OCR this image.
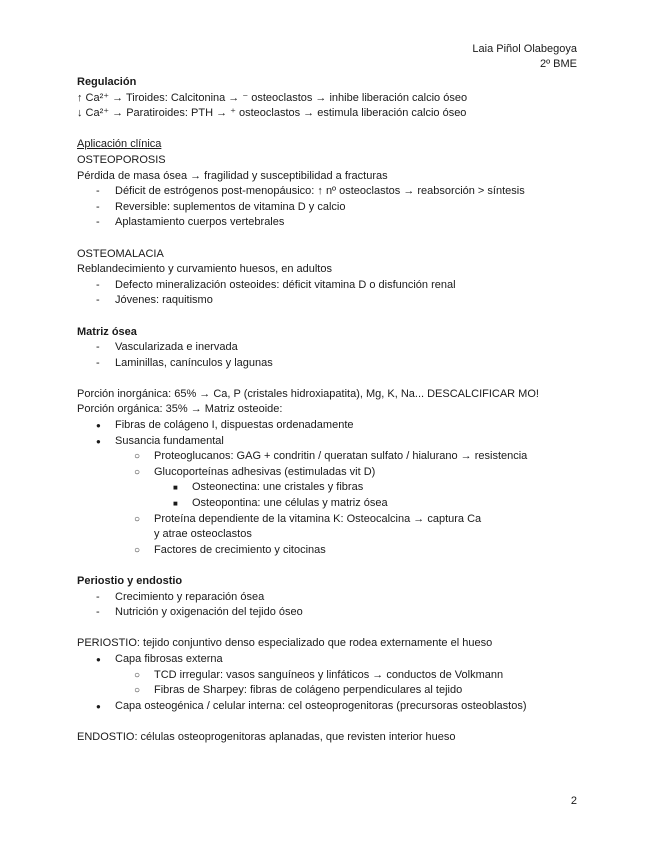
Laia Piñol Olabegoya
2º BME
Regulación
↑ Ca²⁺ → Tiroides: Calcitonina → ⁻ osteoclastos → inhibe liberación calcio óseo
↓ Ca²⁺ → Paratiroides: PTH → ⁺ osteoclastos → estimula liberación calcio óseo
Aplicación clínica
OSTEOPOROSIS
Pérdida de masa ósea → fragilidad y susceptibilidad a fracturas
- Déficit de estrógenos post-menopáusico: ↑ nº osteoclastos → reabsorción > síntesis
- Reversible: suplementos de vitamina D y calcio
- Aplastamiento cuerpos vertebrales
OSTEOMALACIA
Reblandecimiento y curvamiento huesos, en adultos
- Defecto mineralización osteoides: déficit vitamina D o disfunción renal
- Jóvenes: raquitismo
Matriz ósea
- Vascularizada e inervada
- Laminillas, canínculos y lagunas
Porción inorgánica: 65% → Ca, P (cristales hidroxiapatita), Mg, K, Na... DESCALCIFICAR MO!
Porción orgánica: 35% → Matriz osteoide:
● Fibras de colágeno I, dispuestas ordenadamente
● Susancia fundamental
○ Proteoglucanos: GAG + condritin / queratan sulfato / hialurano → resistencia
○ Glucoporteínas adhesivas (estimuladas vit D)
■ Osteonectina: une cristales y fibras
■ Osteopontina: une células y matriz ósea
○ Proteína dependiente de la vitamina K: Osteocalcina → captura Ca y atrae osteoclastos
○ Factores de crecimiento y citocinas
Periostio y endostio
- Crecimiento y reparación ósea
- Nutrición y oxigenación del tejido óseo
PERIOSTIO: tejido conjuntivo denso especializado que rodea externamente el hueso
● Capa fibrosas externa
○ TCD irregular: vasos sanguíneos y linfáticos → conductos de Volkmann
○ Fibras de Sharpey: fibras de colágeno perpendiculares al tejido
● Capa osteogénica / celular interna: cel osteoprogenitoras (precursoras osteoblastos)
ENDOSTIO: células osteoprogenitoras aplanadas, que revisten interior hueso
2
